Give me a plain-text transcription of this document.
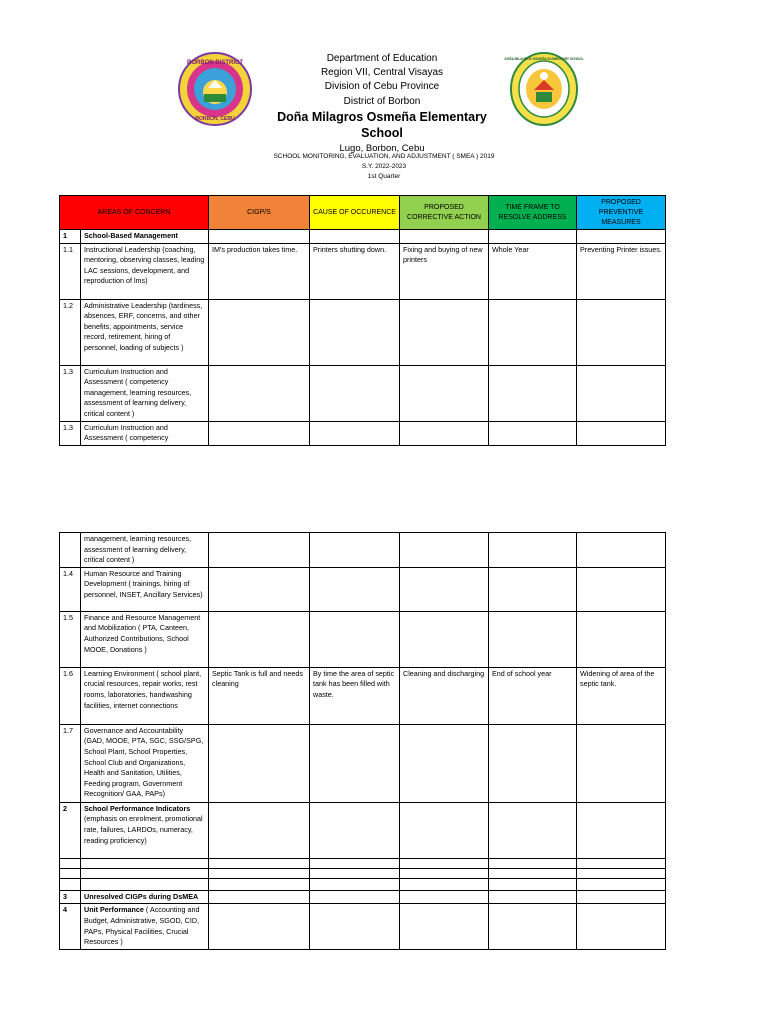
BORBON DISTRICT
BORBON, CEBU
Department of Education
Region VII, Central Visayas
Division of Cebu Province
District of Borbon
Doña Milagros Osmeña Elementary School
Lugo, Borbon, Cebu
DOÑA MILAGROS OSMEÑA ELEMENTARY SCHOOL
SCHOOL MONITORING, EVALUATION, AND ADJUSTMENT ( SMEA ) 2019
S.Y. 2022-2023
1st Quarter
AREAS OF CONCERN		CIGP/S	CAUSE OF OCCURENCE	PROPOSED CORRECTIVE ACTION	TIME FRAME TO RESOLVE ADDRESS	PROPOSED PREVENTIVE MEASURES
1	School-Based Management					
1.1	Instructional Leadership (coaching, mentoring, observing classes, leading LAC sessions, development, and reproduction of lms)	IM's production takes time.	Printers shutting down.	Fixing and buying of new printers	Whole Year	Preventing Printer issues.
1.2	Administrative Leadership (tardiness, absences, ERF, concerns, and other benefits, appointments, service record, retirement, hiring of personnel, loading of subjects )					
1.3	Curriculum Instruction and Assessment ( competency management, learning resources, assessment of learning delivery, critical content )					
1.3	Curriculum Instruction and Assessment ( competency					
	management, learning resources, assessment of learning delivery, critical content )					
1.4	Human Resource and Training Development ( trainings, hiring of personnel, INSET, Ancillary Services)					
1.5	Finance and Resource Management and Mobilization ( PTA, Canteen, Authorized Contributions, School MOOE, Donations )					
1.6	Learning Environment ( school plant, crucial resources, repair works, rest rooms, laboratories, handwashing facilities, internet connections	Septic Tank is full and needs cleaning	By time the area of septic tank has been filled with waste.	Cleaning and discharging	End of school year	Widening of area of the septic tank.
1.7	Governance and Accountability (GAD, MOOE, PTA, SGC, SSG/SPG, School Plant, School Properties, School Club and Organizations, Health and Sanitation, Utilities, Feeding program, Government Recognition/ GAA, PAPs)					
2	School Performance Indicators (emphasis on enrolment, promotional rate, failures, LARDOs, numeracy, reading proficiency)					

3	Unresolved CIGPs during DsMEA					
4	Unit Performance ( Accounting and Budget, Administrative, SGOD, CID, PAPs, Physical Facilities, Crucial Resources )					
